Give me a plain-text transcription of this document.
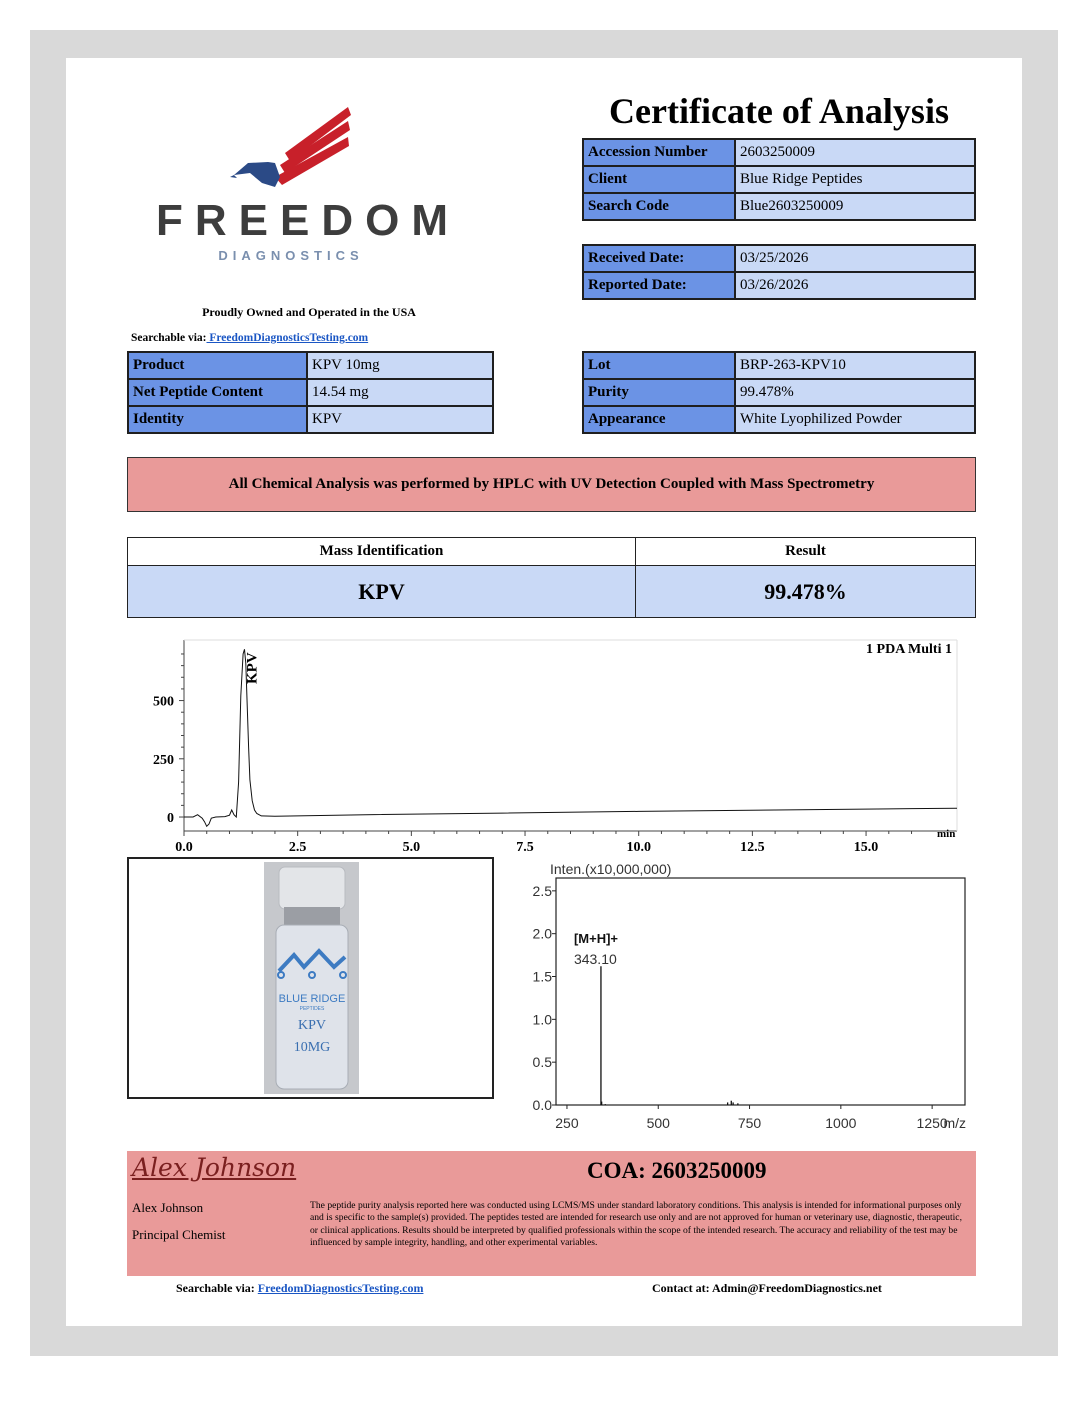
FREEDOM
DIAGNOSTICS
Proudly Owned and Operated in the USA
Searchable via: FreedomDiagnosticsTesting.com
Certificate of Analysis
Accession Number	2603250009
Client	Blue Ridge Peptides
Search Code	Blue2603250009
Received Date:	03/25/2026
Reported Date:	03/26/2026
Product	KPV 10mg
Net Peptide Content	14.54 mg
Identity	KPV
Lot	BRP-263-KPV10
Purity	99.478%
Appearance	White Lyophilized Powder
All Chemical Analysis was performed by HPLC with UV Detection Coupled with Mass Spectrometry
Mass Identification	Result
KPV	99.478%
0.0	2.5	5.0	7.5	10.0	12.5	15.0
0
250
500
min
1 PDA Multi 1
KPV
BLUE RIDGE
PEPTIDES
KPV
10MG
0.0
0.5
1.0
1.5
2.0
2.5
250	500	750	1000	1250
m/z
Inten.(x10,000,000)
[M+H]+
343.10
Alex Johnson
Alex Johnson
Principal Chemist
COA: 2603250009
The peptide purity analysis reported here was conducted using LCMS/MS under standard laboratory conditions. This analysis is intended for informational purposes only and is specific to the sample(s) provided. The peptides tested are intended for research use only and are not approved for human or veterinary use, diagnostic, therapeutic, or clinical applications. Results should be interpreted by qualified professionals within the scope of the intended research. The accuracy and reliability of the test may be influenced by sample integrity, handling, and other experimental variables.
Searchable via: FreedomDiagnosticsTesting.com	Contact at: Admin@FreedomDiagnostics.net
